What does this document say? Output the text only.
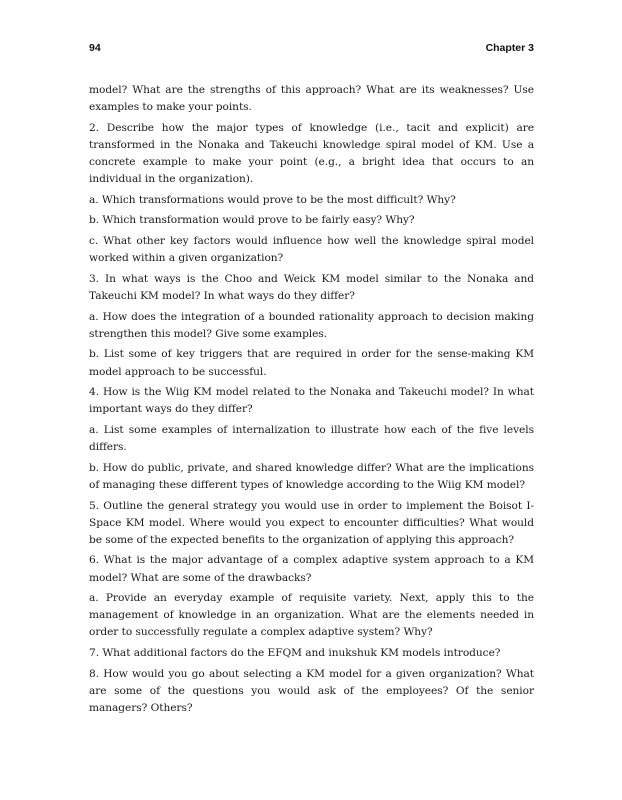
94	Chapter 3

model? What are the strengths of this approach? What are its weaknesses? Use examples to make your points.

2. Describe how the major types of knowledge (i.e., tacit and explicit) are transformed in the Nonaka and Takeuchi knowledge spiral model of KM. Use a concrete example to make your point (e.g., a bright idea that occurs to an individual in the organization).

a. Which transformations would prove to be the most difficult? Why?

b. Which transformation would prove to be fairly easy? Why?

c. What other key factors would influence how well the knowledge spiral model worked within a given organization?

3. In what ways is the Choo and Weick KM model similar to the Nonaka and Takeuchi KM model? In what ways do they differ?

a. How does the integration of a bounded rationality approach to decision making strengthen this model? Give some examples.

b. List some of key triggers that are required in order for the sense-making KM model approach to be successful.

4. How is the Wiig KM model related to the Nonaka and Takeuchi model? In what important ways do they differ?

a. List some examples of internalization to illustrate how each of the five levels differs.

b. How do public, private, and shared knowledge differ? What are the implications of managing these different types of knowledge according to the Wiig KM model?

5. Outline the general strategy you would use in order to implement the Boisot I-Space KM model. Where would you expect to encounter difficulties? What would be some of the expected benefits to the organization of applying this approach?

6. What is the major advantage of a complex adaptive system approach to a KM model? What are some of the drawbacks?

a. Provide an everyday example of requisite variety. Next, apply this to the management of knowledge in an organization. What are the elements needed in order to successfully regulate a complex adaptive system? Why?

7. What additional factors do the EFQM and inukshuk KM models introduce?

8. How would you go about selecting a KM model for a given organization? What are some of the questions you would ask of the employees? Of the senior managers? Others?
